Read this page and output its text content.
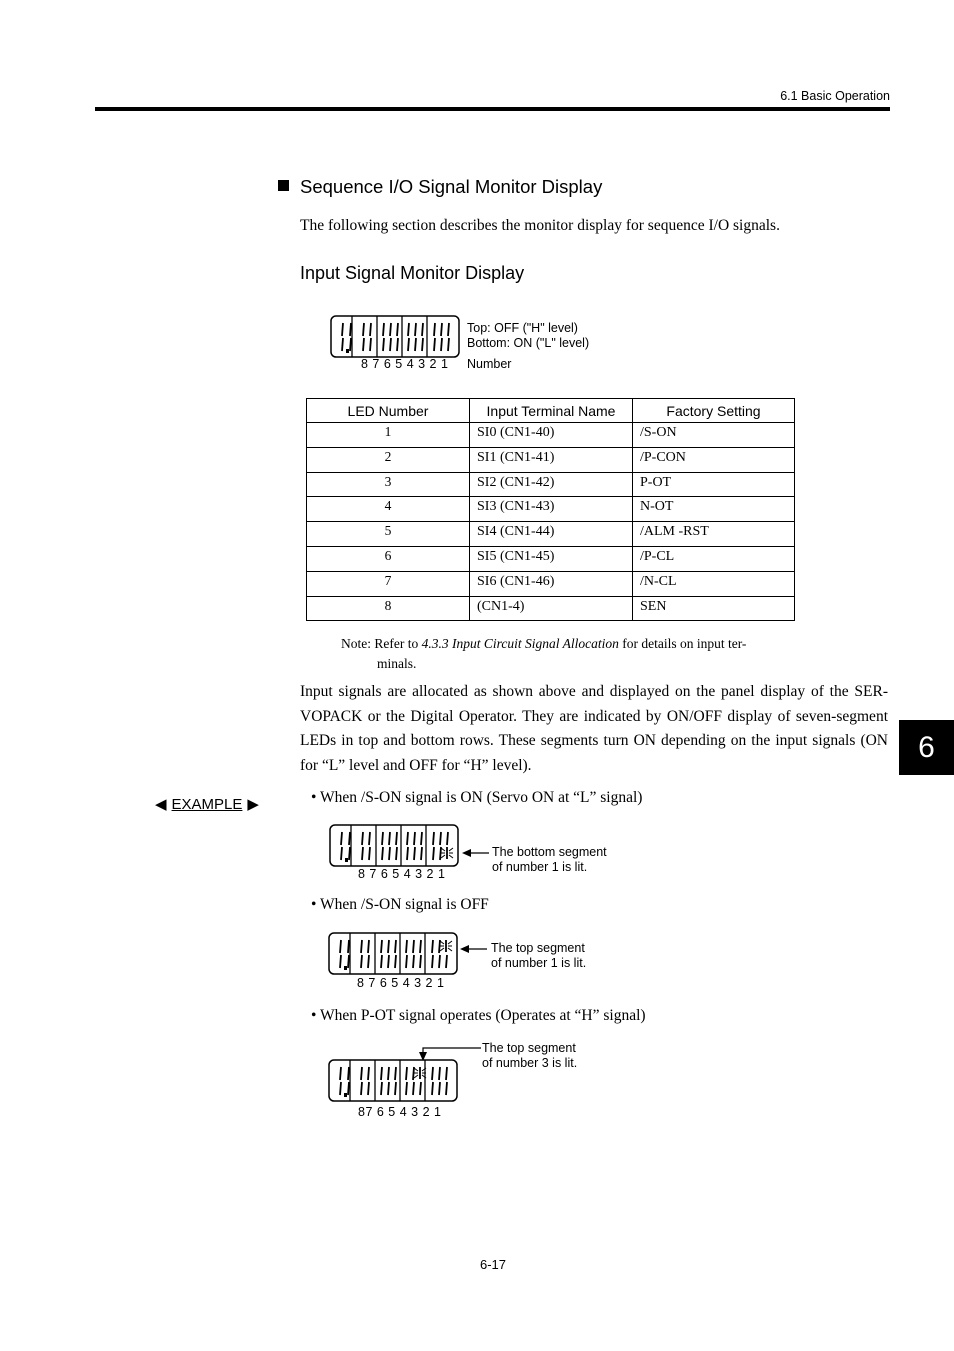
6.1 Basic Operation
Sequence I/O Signal Monitor Display
The following section describes the monitor display for sequence I/O signals.
Input Signal Monitor Display
Top: OFF ("H" level)
Bottom: ON ("L" level)
Number
8 7 6 5 4 3 2 1
LED Number	Input Terminal Name	Factory Setting
1	SI0 (CN1-40)	/S-ON
2	SI1 (CN1-41)	/P-CON
3	SI2 (CN1-42)	P-OT
4	SI3 (CN1-43)	N-OT
5	SI4 (CN1-44)	/ALM -RST
6	SI5 (CN1-45)	/P-CL
7	SI6 (CN1-46)	/N-CL
8	(CN1-4)	SEN
Note: Refer to 4.3.3 Input Circuit Signal Allocation for details on input ter-
minals.
Input signals are allocated as shown above and displayed on the panel display of the SER-VOPACK or the Digital Operator. They are indicated by ON/OFF display of seven-segment LEDs in top and bottom rows. These segments turn ON depending on the input signals (ON for “L” level and OFF for “H” level).
◀ EXAMPLE ▶	• When /S-ON signal is ON (Servo ON at “L” signal)
The bottom segment
of number 1 is lit.
8 7 6 5 4 3 2 1
• When /S-ON signal is OFF
The top segment
of number 1 is lit.
8 7 6 5 4 3 2 1
• When P-OT signal operates (Operates at “H” signal)
The top segment
of number 3 is lit.
87 6 5 4 3 2 1
6
6-17
